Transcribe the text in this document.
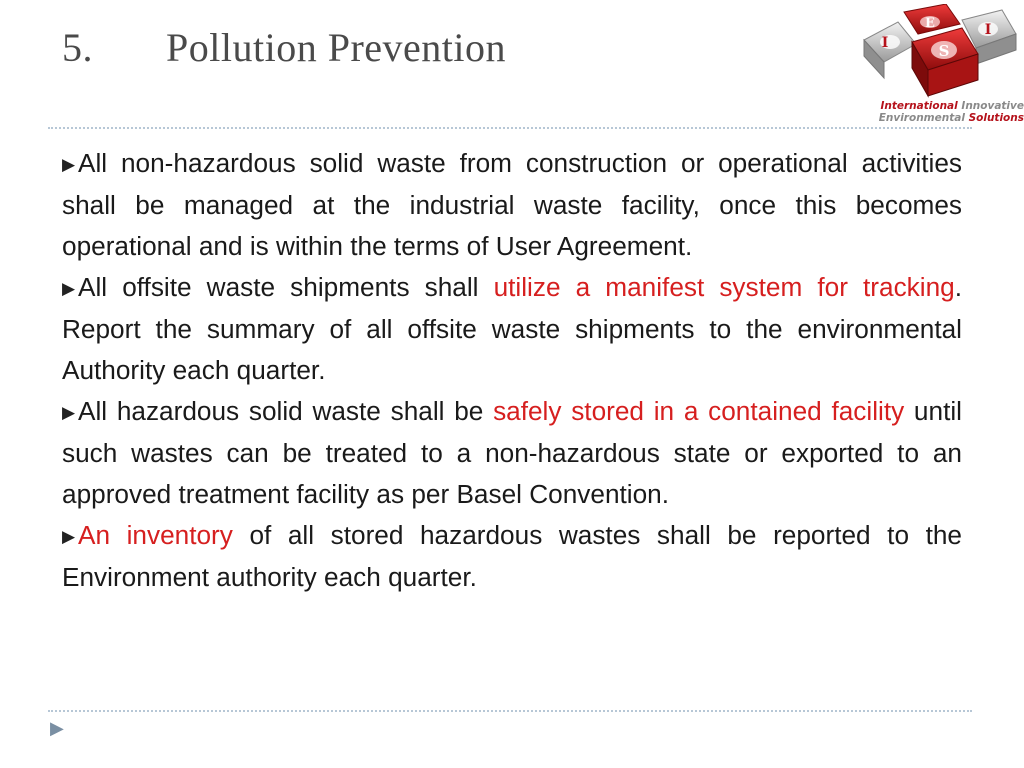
5. Pollution Prevention	I
E
S
I
International Innovative
Environmental Solutions

▶ All non-hazardous solid waste from construction or operational activities shall be managed at the industrial waste facility, once this becomes operational and is within the terms of User Agreement.

▶ All offsite waste shipments shall utilize a manifest system for tracking. Report the summary of all offsite waste shipments to the environmental Authority each quarter.

▶ All hazardous solid waste shall be safely stored in a contained facility until such wastes can be treated to a non-hazardous state or exported to an approved treatment facility as per Basel Convention.

▶ An inventory of all stored hazardous wastes shall be reported to the Environment authority each quarter.

▶
